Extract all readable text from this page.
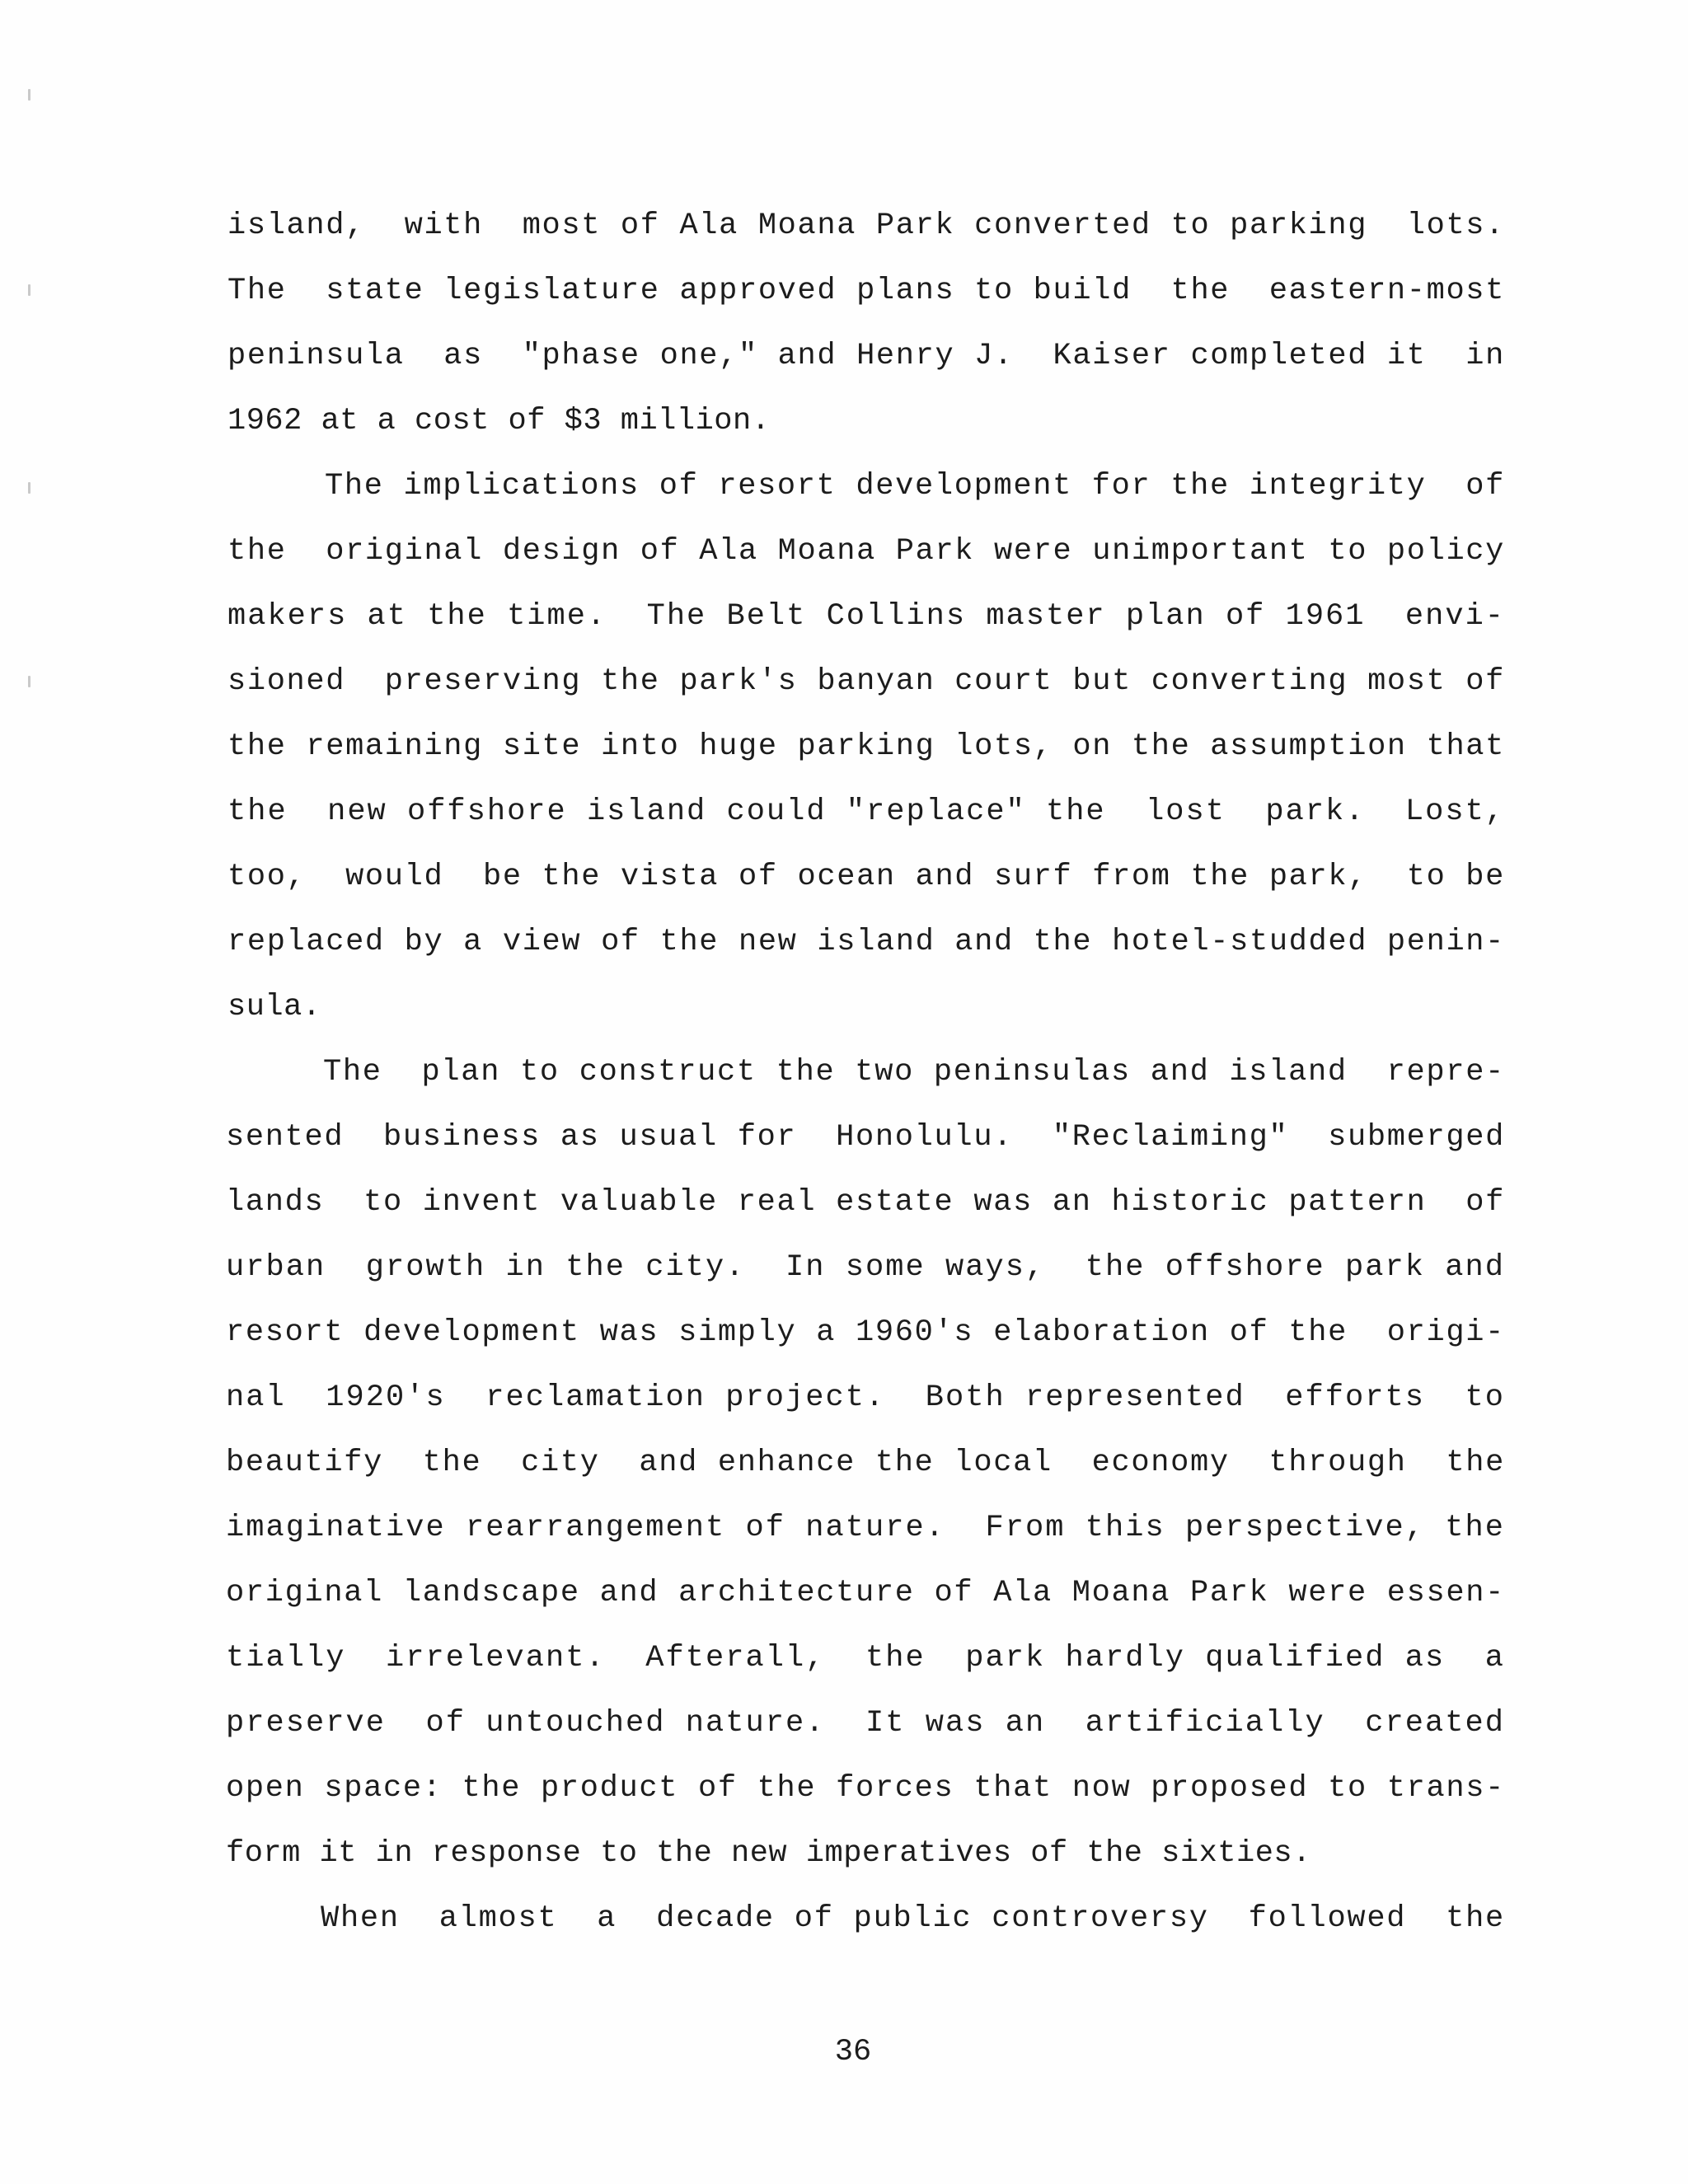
island,  with  most of Ala Moana Park converted to parking  lots.
The  state legislature approved plans to build  the  eastern-most
peninsula  as  "phase one," and Henry J.  Kaiser completed it  in
1962 at a cost of $3 million.
The implications of resort development for the integrity  of
the  original design of Ala Moana Park were unimportant to policy
makers at the time.  The Belt Collins master plan of 1961  envi-
sioned  preserving the park's banyan court but converting most of
the remaining site into huge parking lots, on the assumption that
the  new offshore island could "replace" the  lost  park.  Lost,
too,  would  be the vista of ocean and surf from the park,  to be
replaced by a view of the new island and the hotel-studded penin-
sula.
The  plan to construct the two peninsulas and island  repre-
sented  business as usual for  Honolulu.  "Reclaiming"  submerged
lands  to invent valuable real estate was an historic pattern  of
urban  growth in the city.  In some ways,  the offshore park and
resort development was simply a 1960's elaboration of the  origi-
nal  1920's  reclamation project.  Both represented  efforts  to
beautify  the  city  and enhance the local  economy  through  the
imaginative rearrangement of nature.  From this perspective, the
original landscape and architecture of Ala Moana Park were essen-
tially  irrelevant.  Afterall,  the  park hardly qualified as  a
preserve  of untouched nature.  It was an  artificially  created
open space: the product of the forces that now proposed to trans-
form it in response to the new imperatives of the sixties.
When  almost  a  decade of public controversy  followed  the
36
